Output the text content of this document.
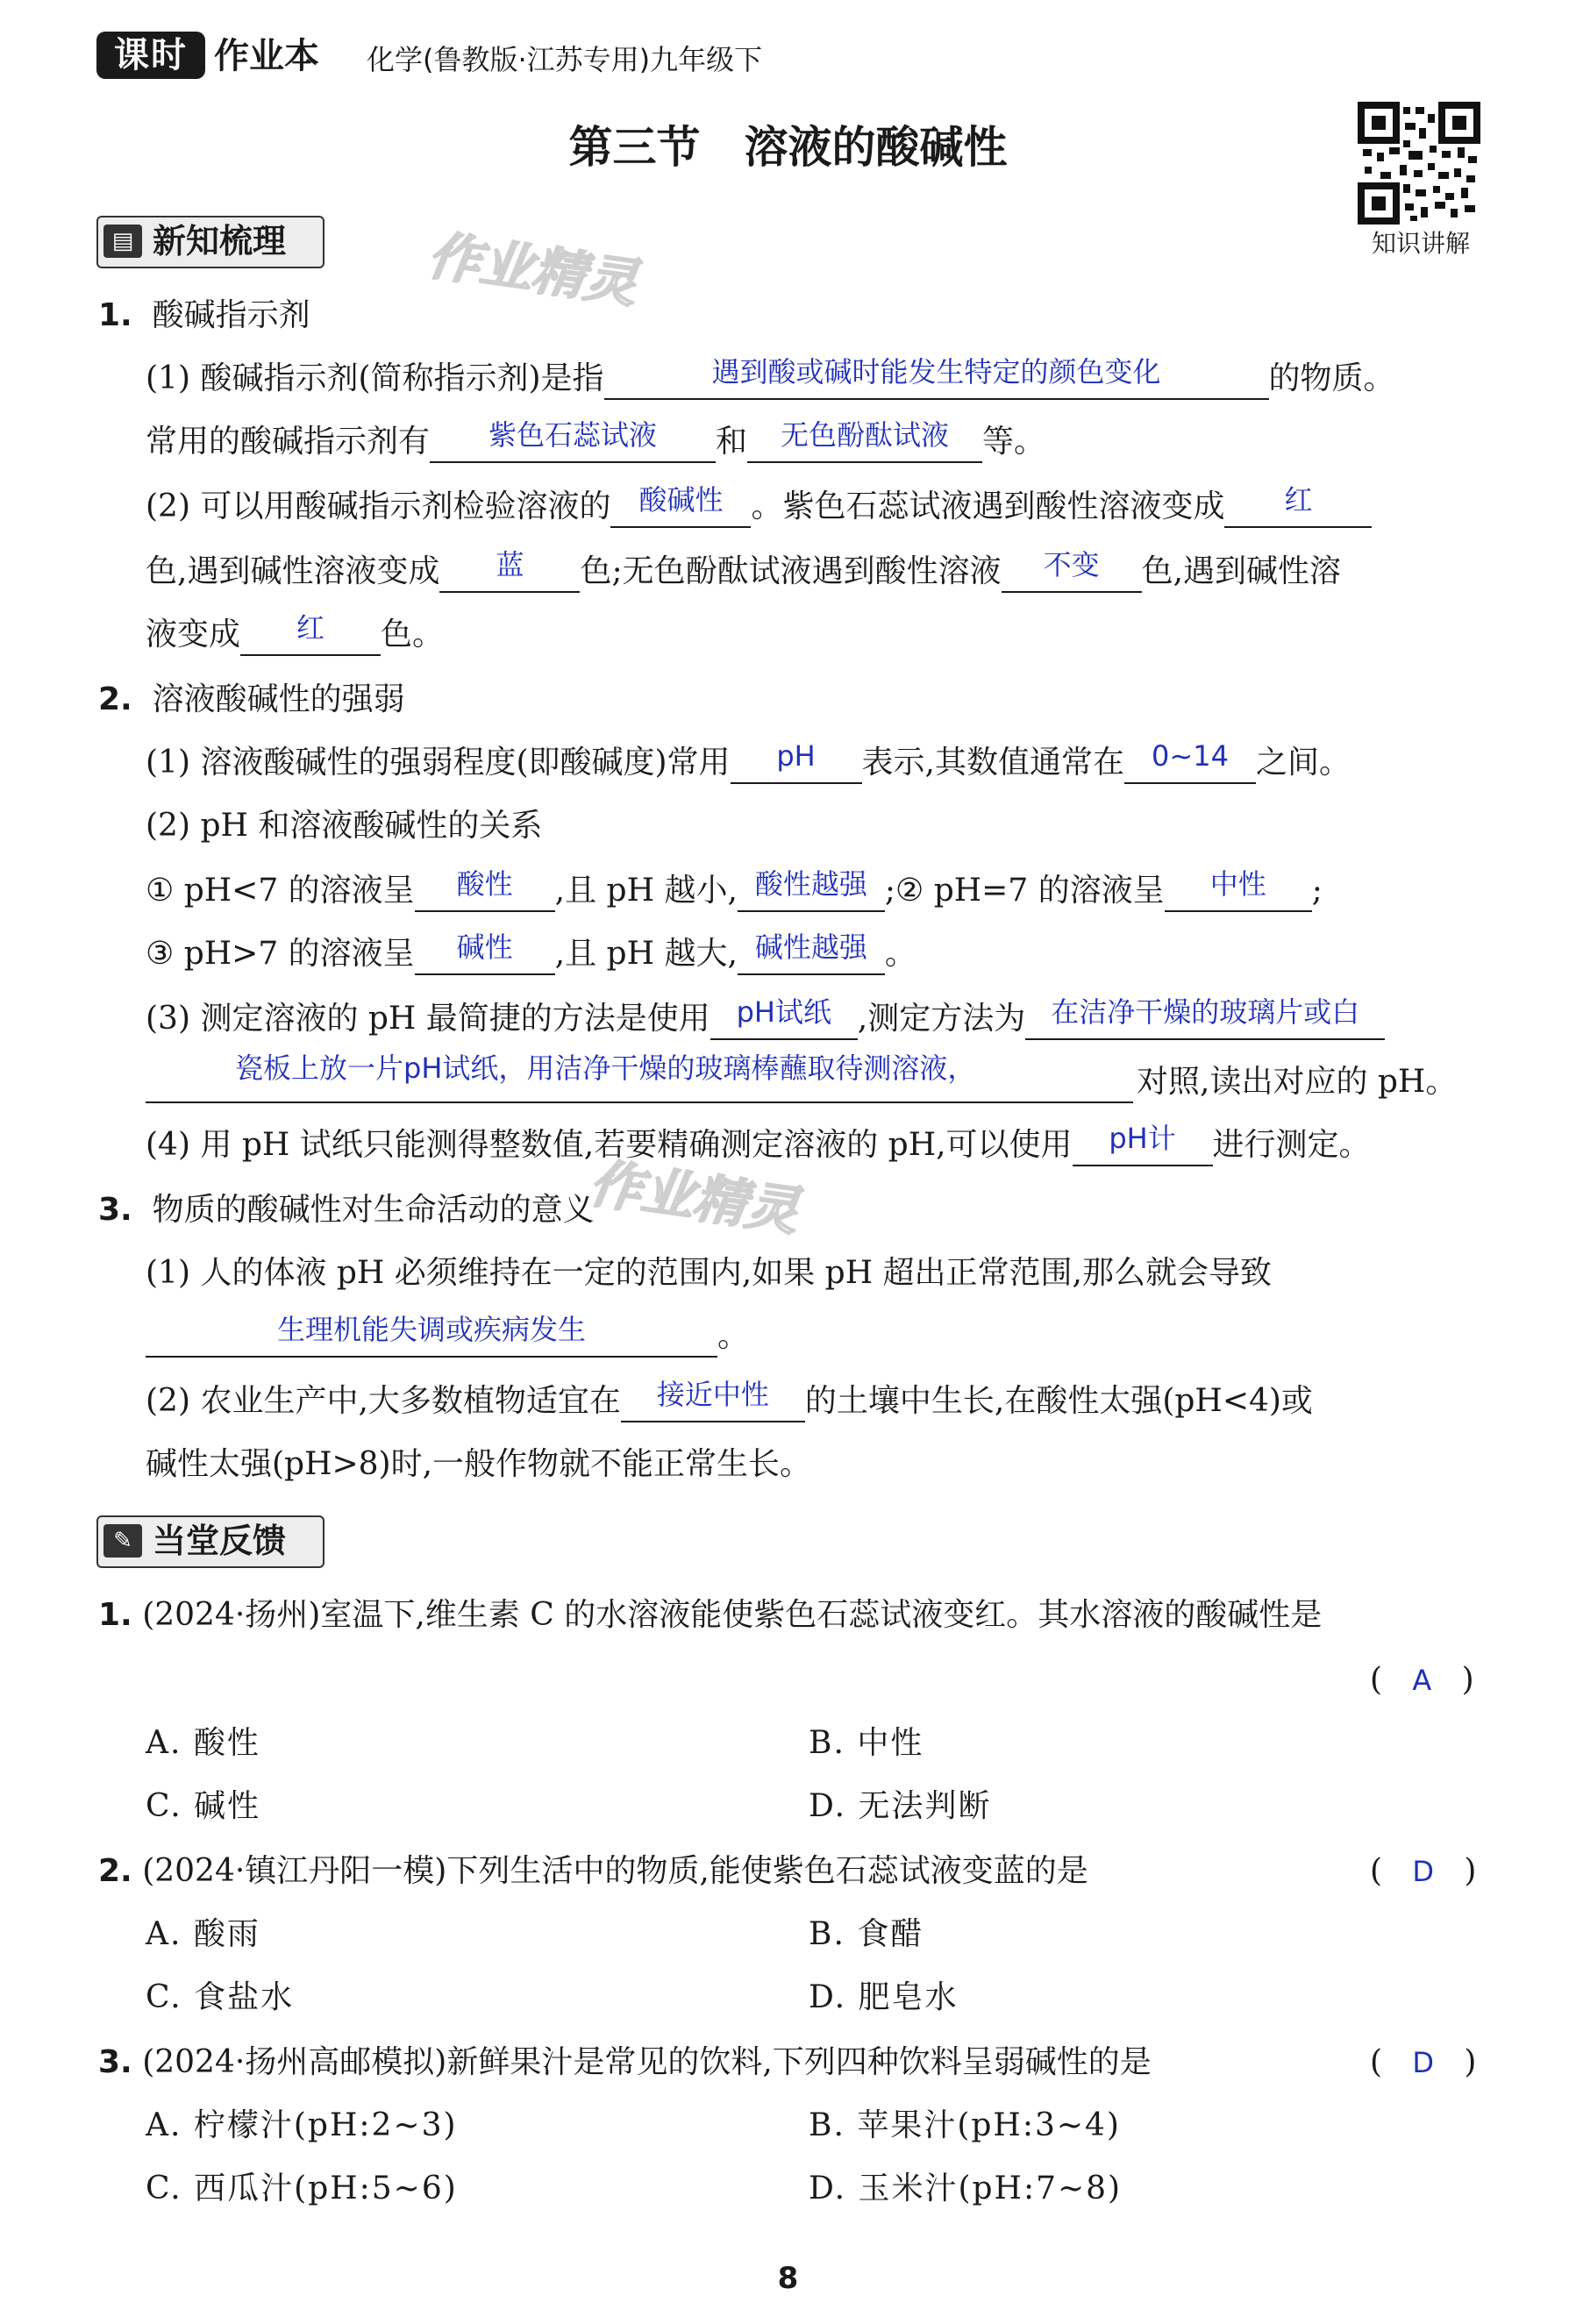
课时 作业本 化学(鲁教版·江苏专用)九年级下
第三节　溶液的酸碱性
知识讲解
作业精灵
作业精灵
▤ 新知梳理
1. 酸碱指示剂
(1) 酸碱指示剂(简称指示剂)是指	遇到酸或碱时能发生特定的颜色变化	的物质。
常用的酸碱指示剂有 紫色石蕊试液 和 无色酚酞试液 等。
(2) 可以用酸碱指示剂检验溶液的 酸碱性 。紫色石蕊试液遇到酸性溶液变成 红
色,遇到碱性溶液变成 蓝 色;无色酚酞试液遇到酸性溶液 不变 色,遇到碱性溶
液变成 红 色。
2. 溶液酸碱性的强弱
(1) 溶液酸碱性的强弱程度(即酸碱度)常用 pH 表示,其数值通常在 0~14 之间。
(2) pH 和溶液酸碱性的关系
① pH<7 的溶液呈 酸性 ,且 pH 越小, 酸性越强 ;② pH=7 的溶液呈 中性 ;
③ pH>7 的溶液呈 碱性 ,且 pH 越大, 碱性越强 。
(3) 测定溶液的 pH 最简捷的方法是使用 pH试纸 ,测定方法为 在洁净干燥的玻璃片或白
瓷板上放一片pH试纸，用洁净干燥的玻璃棒蘸取待测溶液，	对照,读出对应的 pH。
(4) 用 pH 试纸只能测得整数值,若要精确测定溶液的 pH,可以使用 pH计 进行测定。
3. 物质的酸碱性对生命活动的意义
(1) 人的体液 pH 必须维持在一定的范围内,如果 pH 超出正常范围,那么就会导致
生理机能失调或疾病发生	。
(2) 农业生产中,大多数植物适宜在 接近中性 的土壤中生长,在酸性太强(pH<4)或
碱性太强(pH>8)时,一般作物就不能正常生长。
✎ 当堂反馈
1. (2024·扬州)室温下,维生素 C 的水溶液能使紫色石蕊试液变红。其水溶液的酸碱性是
(   A   )
A. 酸性	B. 中性
C. 碱性	D. 无法判断
2. (2024·镇江丹阳一模)下列生活中的物质,能使紫色石蕊试液变蓝的是	(   D   )
A. 酸雨	B. 食醋
C. 食盐水	D. 肥皂水
3. (2024·扬州高邮模拟)新鲜果汁是常见的饮料,下列四种饮料呈弱碱性的是	(   D   )
A. 柠檬汁(pH:2~3)	B. 苹果汁(pH:3~4)
C. 西瓜汁(pH:5~6)	D. 玉米汁(pH:7~8)
8
